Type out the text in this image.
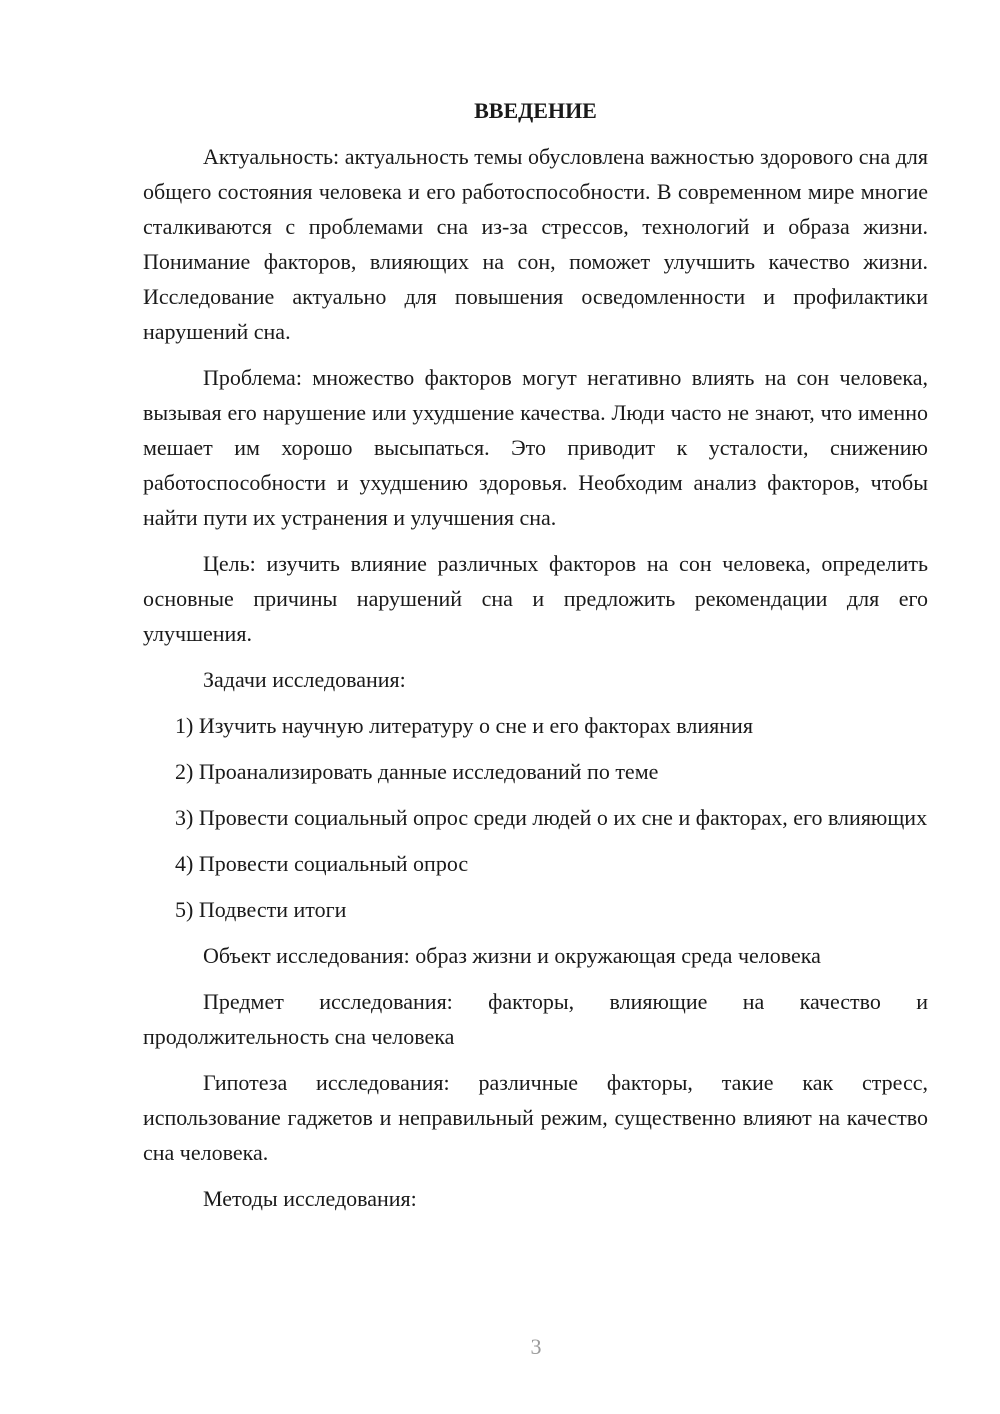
ВВЕДЕНИЕ

Актуальность: актуальность темы обусловлена важностью здорового сна для общего состояния человека и его работоспособности. В современном мире многие сталкиваются с проблемами сна из-за стрессов, технологий и образа жизни. Понимание факторов, влияющих на сон, поможет улучшить качество жизни. Исследование актуально для повышения осведомленности и профилактики нарушений сна.

Проблема: множество факторов могут негативно влиять на сон человека, вызывая его нарушение или ухудшение качества. Люди часто не знают, что именно мешает им хорошо высыпаться. Это приводит к усталости, снижению работоспособности и ухудшению здоровья. Необходим анализ факторов, чтобы найти пути их устранения и улучшения сна.

Цель: изучить влияние различных факторов на сон человека, определить основные причины нарушений сна и предложить рекомендации для его улучшения.

Задачи исследования:

1) Изучить научную литературу о сне и его факторах влияния

2) Проанализировать данные исследований по теме

3) Провести социальный опрос среди людей о их сне и факторах, его влияющих

4) Провести социальный опрос

5) Подвести итоги

Объект исследования: образ жизни и окружающая среда человека

Предмет исследования: факторы, влияющие на качество и продолжительность сна человека

Гипотеза исследования: различные факторы, такие как стресс, использование гаджетов и неправильный режим, существенно влияют на качество сна человека.

Методы исследования:

3
